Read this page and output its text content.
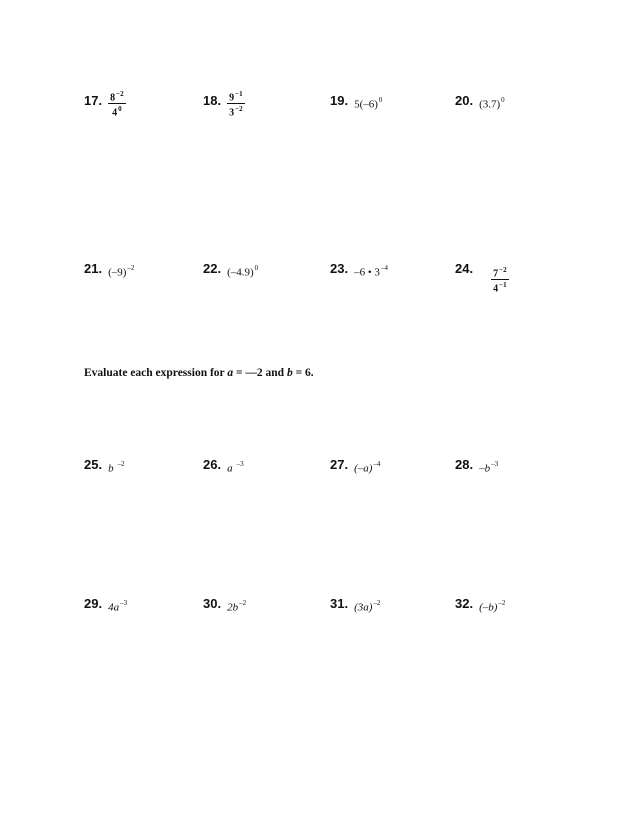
17. $\frac{8^{-2}}{4^0}$	18. $\frac{9^{-1}}{3^{-2}}$	19. $5(-6)^0$	20. $(3.7)^0$
21. $(-9)^{-2}$	22. $(-4.9)^0$	23. –6 • $3^{-4}$	24. $\frac{7^{-2}}{4^{-1}}$
Evaluate each expression for a = —2 and b = 6.
25. b $^{-2}$	26. a $^{-3}$	27. $(-a)^{-4}$	28. $-b^{-3}$
29. $4a^{-3}$	30. $2b^{-2}$	31. $(3a)^{-2}$	32. $(-b)^{-2}$
